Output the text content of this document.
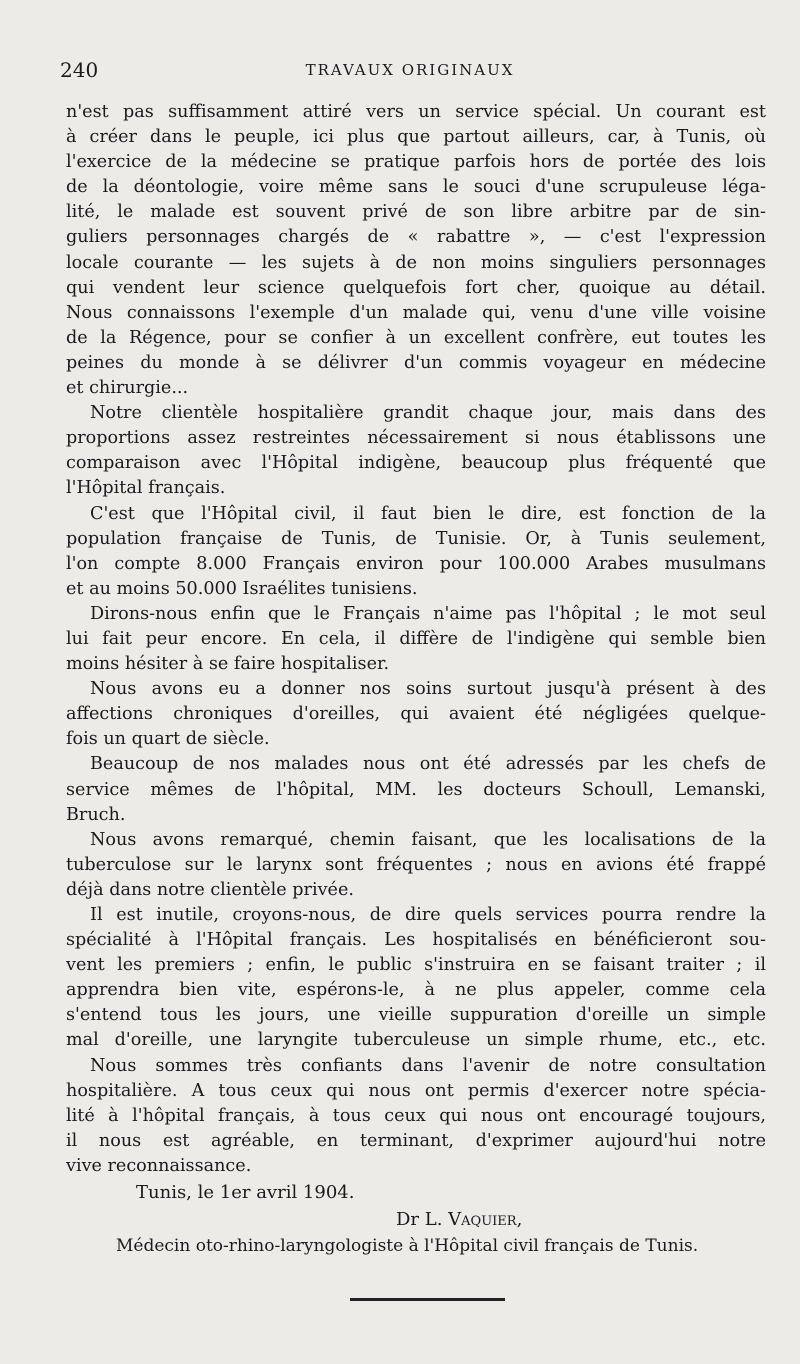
240	TRAVAUX ORIGINAUX
n'est pas suffisamment attiré vers un service spécial. Un courant est
à créer dans le peuple, ici plus que partout ailleurs, car, à Tunis, où
l'exercice de la médecine se pratique parfois hors de portée des lois
de la déontologie, voire même sans le souci d'une scrupuleuse léga-
lité, le malade est souvent privé de son libre arbitre par de sin-
guliers personnages chargés de « rabattre », — c'est l'expression
locale courante — les sujets à de non moins singuliers personnages
qui vendent leur science quelquefois fort cher, quoique au détail.
Nous connaissons l'exemple d'un malade qui, venu d'une ville voisine
de la Régence, pour se confier à un excellent confrère, eut toutes les
peines du monde à se délivrer d'un commis voyageur en médecine
et chirurgie...
Notre clientèle hospitalière grandit chaque jour, mais dans des
proportions assez restreintes nécessairement si nous établissons une
comparaison avec l'Hôpital indigène, beaucoup plus fréquenté que
l'Hôpital français.
C'est que l'Hôpital civil, il faut bien le dire, est fonction de la
population française de Tunis, de Tunisie. Or, à Tunis seulement,
l'on compte 8.000 Français environ pour 100.000 Arabes musulmans
et au moins 50.000 Israélites tunisiens.
Dirons-nous enfin que le Français n'aime pas l'hôpital ; le mot seul
lui fait peur encore. En cela, il diffère de l'indigène qui semble bien
moins hésiter à se faire hospitaliser.
Nous avons eu a donner nos soins surtout jusqu'à présent à des
affections chroniques d'oreilles, qui avaient été négligées quelque-
fois un quart de siècle.
Beaucoup de nos malades nous ont été adressés par les chefs de
service mêmes de l'hôpital, MM. les docteurs Schoull, Lemanski,
Bruch.
Nous avons remarqué, chemin faisant, que les localisations de la
tuberculose sur le larynx sont fréquentes ; nous en avions été frappé
déjà dans notre clientèle privée.
Il est inutile, croyons-nous, de dire quels services pourra rendre la
spécialité à l'Hôpital français. Les hospitalisés en bénéficieront sou-
vent les premiers ; enfin, le public s'instruira en se faisant traiter ; il
apprendra bien vite, espérons-le, à ne plus appeler, comme cela
s'entend tous les jours, une vieille suppuration d'oreille un simple
mal d'oreille, une laryngite tuberculeuse un simple rhume, etc., etc.
Nous sommes très confiants dans l'avenir de notre consultation
hospitalière. A tous ceux qui nous ont permis d'exercer notre spécia-
lité à l'hôpital français, à tous ceux qui nous ont encouragé toujours,
il nous est agréable, en terminant, d'exprimer aujourd'hui notre
vive reconnaissance.
Tunis, le 1er avril 1904.
Dr L. Vaquier,
Médecin oto-rhino-laryngologiste à l'Hôpital civil français de Tunis.
